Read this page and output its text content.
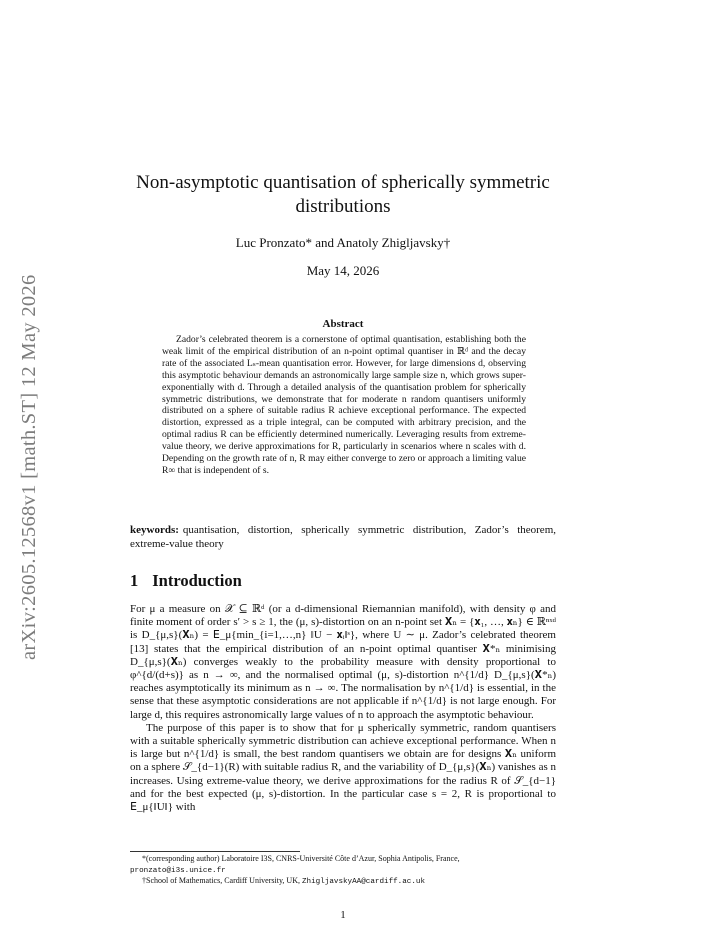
arXiv:2605.12568v1 [math.ST] 12 May 2026
Non-asymptotic quantisation of spherically symmetric distributions
Luc Pronzato* and Anatoly Zhigljavsky†
May 14, 2026
Abstract

Zador’s celebrated theorem is a cornerstone of optimal quantisation, establishing both the weak limit of the empirical distribution of an n-point optimal quantiser in ℝᵈ and the decay rate of the associated Lₛ-mean quantisation error. However, for large dimensions d, observing this asymptotic behaviour demands an astronomically large sample size n, which grows super-exponentially with d. Through a detailed analysis of the quantisation problem for spherically symmetric distributions, we demonstrate that for moderate n random quantisers uniformly distributed on a sphere of suitable radius R achieve exceptional performance. The expected distortion, expressed as a triple integral, can be computed with arbitrary precision, and the optimal radius R can be efficiently determined numerically. Leveraging results from extreme-value theory, we derive approximations for R, particularly in scenarios where n scales with d. Depending on the growth rate of n, R may either converge to zero or approach a limiting value R∞ that is independent of s.

keywords: quantisation, distortion, spherically symmetric distribution, Zador’s theorem, extreme-value theory
1 Introduction

For μ a measure on 𝒳 ⊆ ℝᵈ (or a d-dimensional Riemannian manifold), with density φ and finite moment of order s′ > s ≥ 1, the (μ, s)-distortion on an n-point set 𝐗ₙ = {𝐱₁, …, 𝐱ₙ} ∈ ℝⁿˣᵈ is D_{μ,s}(𝐗ₙ) = 𝖤_μ{min_{i=1,…,n} ‖U − 𝐱ᵢ‖ˢ}, where U ∼ μ. Zador’s celebrated theorem [13] states that the empirical distribution of an n-point optimal quantiser 𝐗*ₙ minimising D_{μ,s}(𝐗ₙ) converges weakly to the probability measure with density proportional to φ^{d/(d+s)} as n → ∞, and the normalised optimal (μ, s)-distortion n^{1/d} D_{μ,s}(𝐗*ₙ) reaches asymptotically its minimum as n → ∞. The normalisation by n^{1/d} is essential, in the sense that these asymptotic considerations are not applicable if n^{1/d} is not large enough. For large d, this requires astronomically large values of n to approach the asymptotic behaviour.

The purpose of this paper is to show that for μ spherically symmetric, random quantisers with a suitable spherically symmetric distribution can achieve exceptional performance. When n is large but n^{1/d} is small, the best random quantisers we obtain are for designs 𝐗ₙ uniform on a sphere 𝒮_{d−1}(R) with suitable radius R, and the variability of D_{μ,s}(𝐗ₙ) vanishes as n increases. Using extreme-value theory, we derive approximations for the radius R of 𝒮_{d−1} and for the best expected (μ, s)-distortion. In the particular case s = 2, R is proportional to 𝖤_μ{‖U‖} with

*(corresponding author) Laboratoire I3S, CNRS-Université Côte d’Azur, Sophia Antipolis, France, pronzato@i3s.unice.fr

†School of Mathematics, Cardiff University, UK, ZhigljavskyAA@cardiff.ac.uk

1
